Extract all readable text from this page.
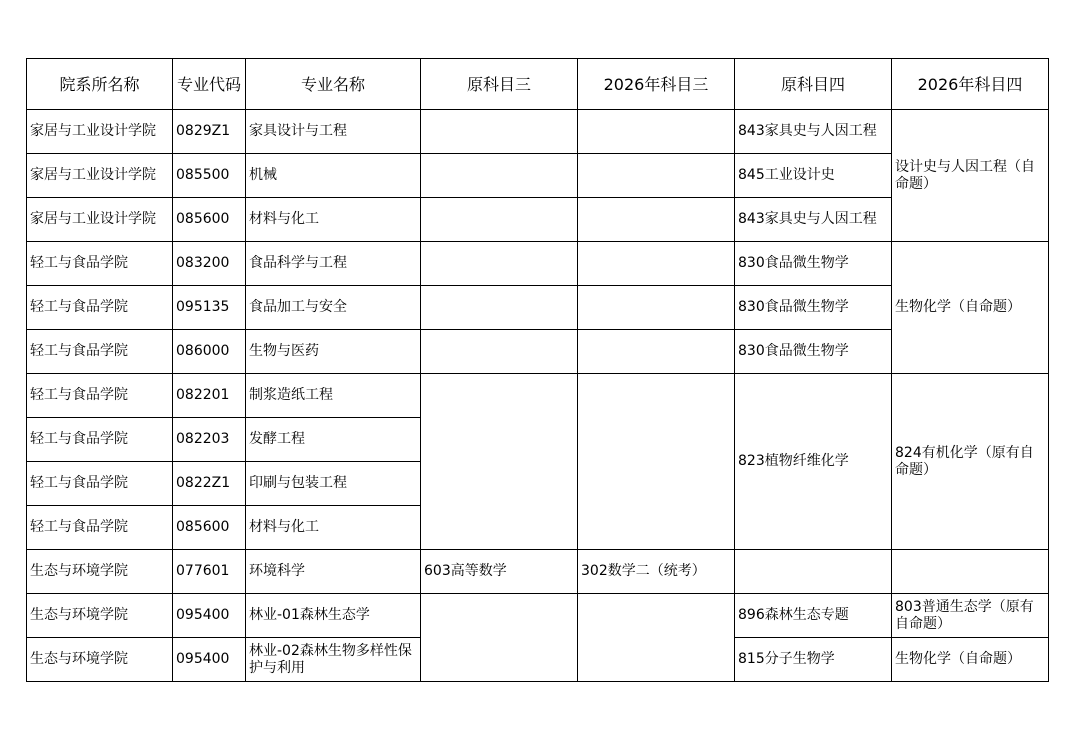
院系所名称	专业代码	专业名称	原科目三	2026年科目三	原科目四	2026年科目四
家居与工业设计学院	0829Z1	家具设计与工程			843家具史与人因工程	设计史与人因工程（自命题）
家居与工业设计学院	085500	机械			845工业设计史	
家居与工业设计学院	085600	材料与化工			843家具史与人因工程	
轻工与食品学院	083200	食品科学与工程			830食品微生物学	生物化学（自命题）
轻工与食品学院	095135	食品加工与安全			830食品微生物学	
轻工与食品学院	086000	生物与医药			830食品微生物学	
轻工与食品学院	082201	制浆造纸工程			823植物纤维化学	824有机化学（原有自命题）
轻工与食品学院	082203	发酵工程				
轻工与食品学院	0822Z1	印刷与包装工程				
轻工与食品学院	085600	材料与化工				
生态与环境学院	077601	环境科学	603高等数学	302数学二（统考）		
生态与环境学院	095400	林业-01森林生态学			896森林生态专题	803普通生态学（原有自命题）
生态与环境学院	095400	林业-02森林生物多样性保护与利用			815分子生物学	生物化学（自命题）
